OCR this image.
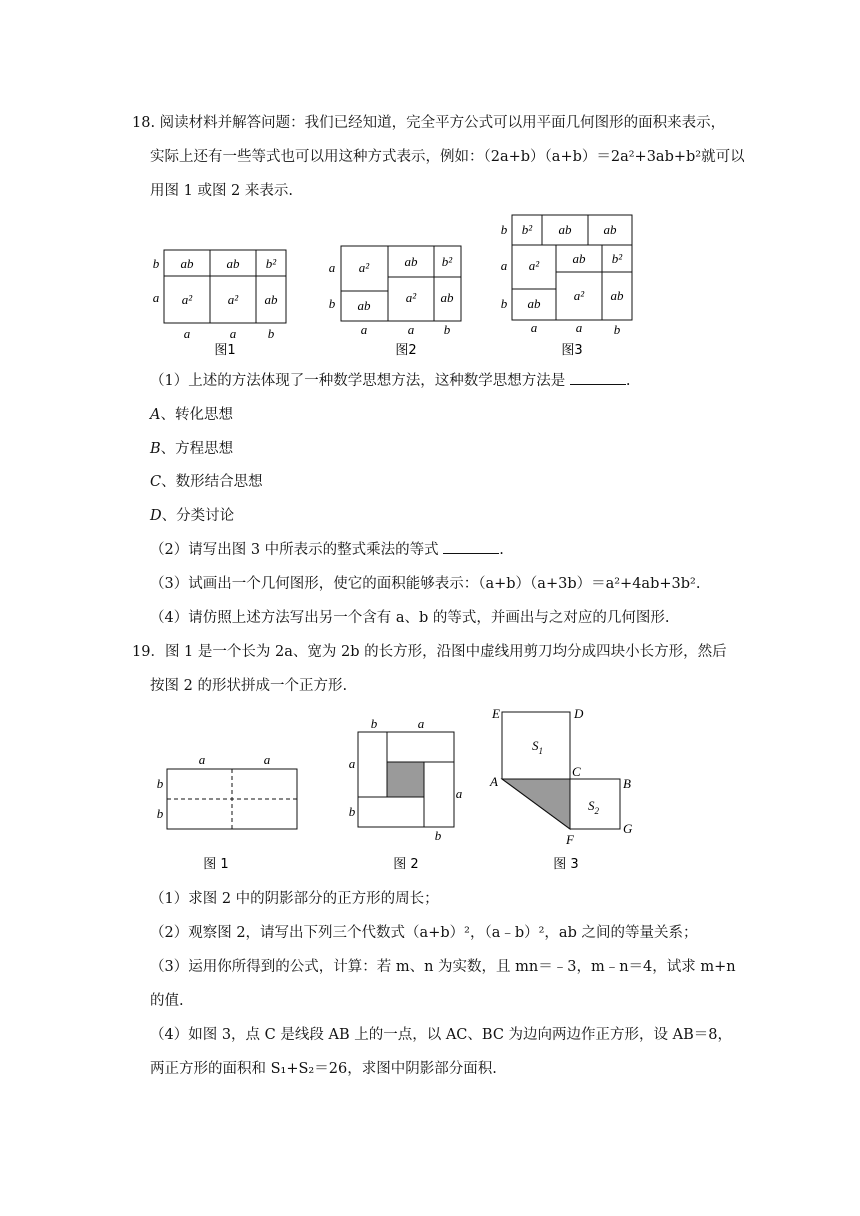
18. 阅读材料并解答问题：我们已经知道，完全平方公式可以用平面几何图形的面积来表示，
实际上还有一些等式也可以用这种方式表示，例如：（2a+b）（a+b）＝2a²+3ab+b²就可以
用图 1 或图 2 来表示.
ab	ab b²
a²	a² ab
b
a
a	a b
图1
a²
ab
ab b²
a² ab
a
b
a	a b
图2
b² ab ab
a²
ab
ab b²
a² ab
b
a
b
a	a b
图3
（1）上述的方法体现了一种数学思想方法，这种数学思想方法是	.
A、转化思想
B、方程思想
C、数形结合思想
D、分类讨论
（2）请写出图 3 中所表示的整式乘法的等式	.
（3）试画出一个几何图形，使它的面积能够表示：（a+b）（a+3b）＝a²+4ab+3b².
（4）请仿照上述方法写出另一个含有 a、b 的等式，并画出与之对应的几何图形.
19．图 1 是一个长为 2a、宽为 2b 的长方形，沿图中虚线用剪刀均分成四块小长方形，然后
按图 2 的形状拼成一个正方形.
a	a
b
b
图 1
b	a
a
b
a
b
图 2
E	D
A
C
B
F
G
$S_1$
$S_2$
图 3
（1）求图 2 中的阴影部分的正方形的周长；
（2）观察图 2，请写出下列三个代数式（a+b）²，（a﹣b）²，ab 之间的等量关系；
（3）运用你所得到的公式，计算：若 m、n 为实数，且 mn＝﹣3，m﹣n＝4，试求 m+n
的值.
（4）如图 3，点 C 是线段 AB 上的一点，以 AC、BC 为边向两边作正方形，设 AB＝8，
两正方形的面积和 S₁+S₂＝26，求图中阴影部分面积.
